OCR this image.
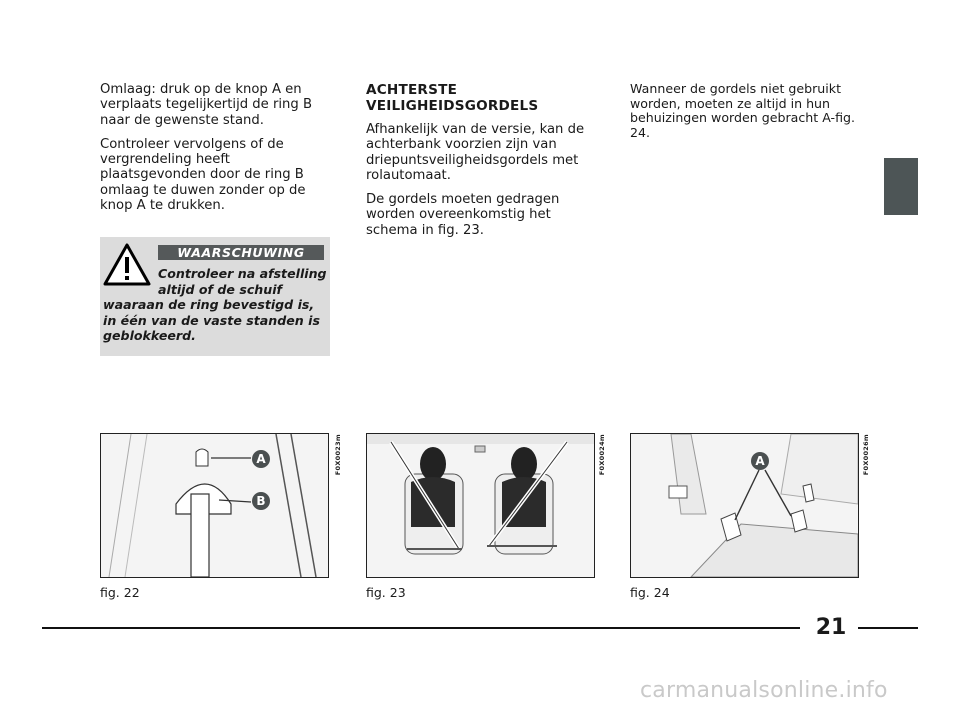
Omlaag: druk op de knop A en verplaats tegelijkertijd de ring B naar de gewenste stand.

Controleer vervolgens of de vergrendeling heeft plaatsgevonden door de ring B omlaag te duwen zonder op de knop A te drukken.

WAARSCHUWING
Controleer na afstelling altijd of de schuif
waaraan de ring bevestigd is, in één van de vaste standen is geblokkeerd.
ACHTERSTE
VEILIGHEIDSGORDELS

Afhankelijk van de versie, kan de achterbank voorzien zijn van driepuntsveiligheidsgordels met rolautomaat.

De gordels moeten gedragen worden overeenkomstig het schema in fig. 23.

Wanneer de gordels niet gebruikt worden, moeten ze altijd in hun behuizingen worden gebracht A-fig. 24.

A
B
F0X0023m
fig. 22
F0X0024m
fig. 23
A	F0X0026m
fig. 24
21
carmanualsonline.info
